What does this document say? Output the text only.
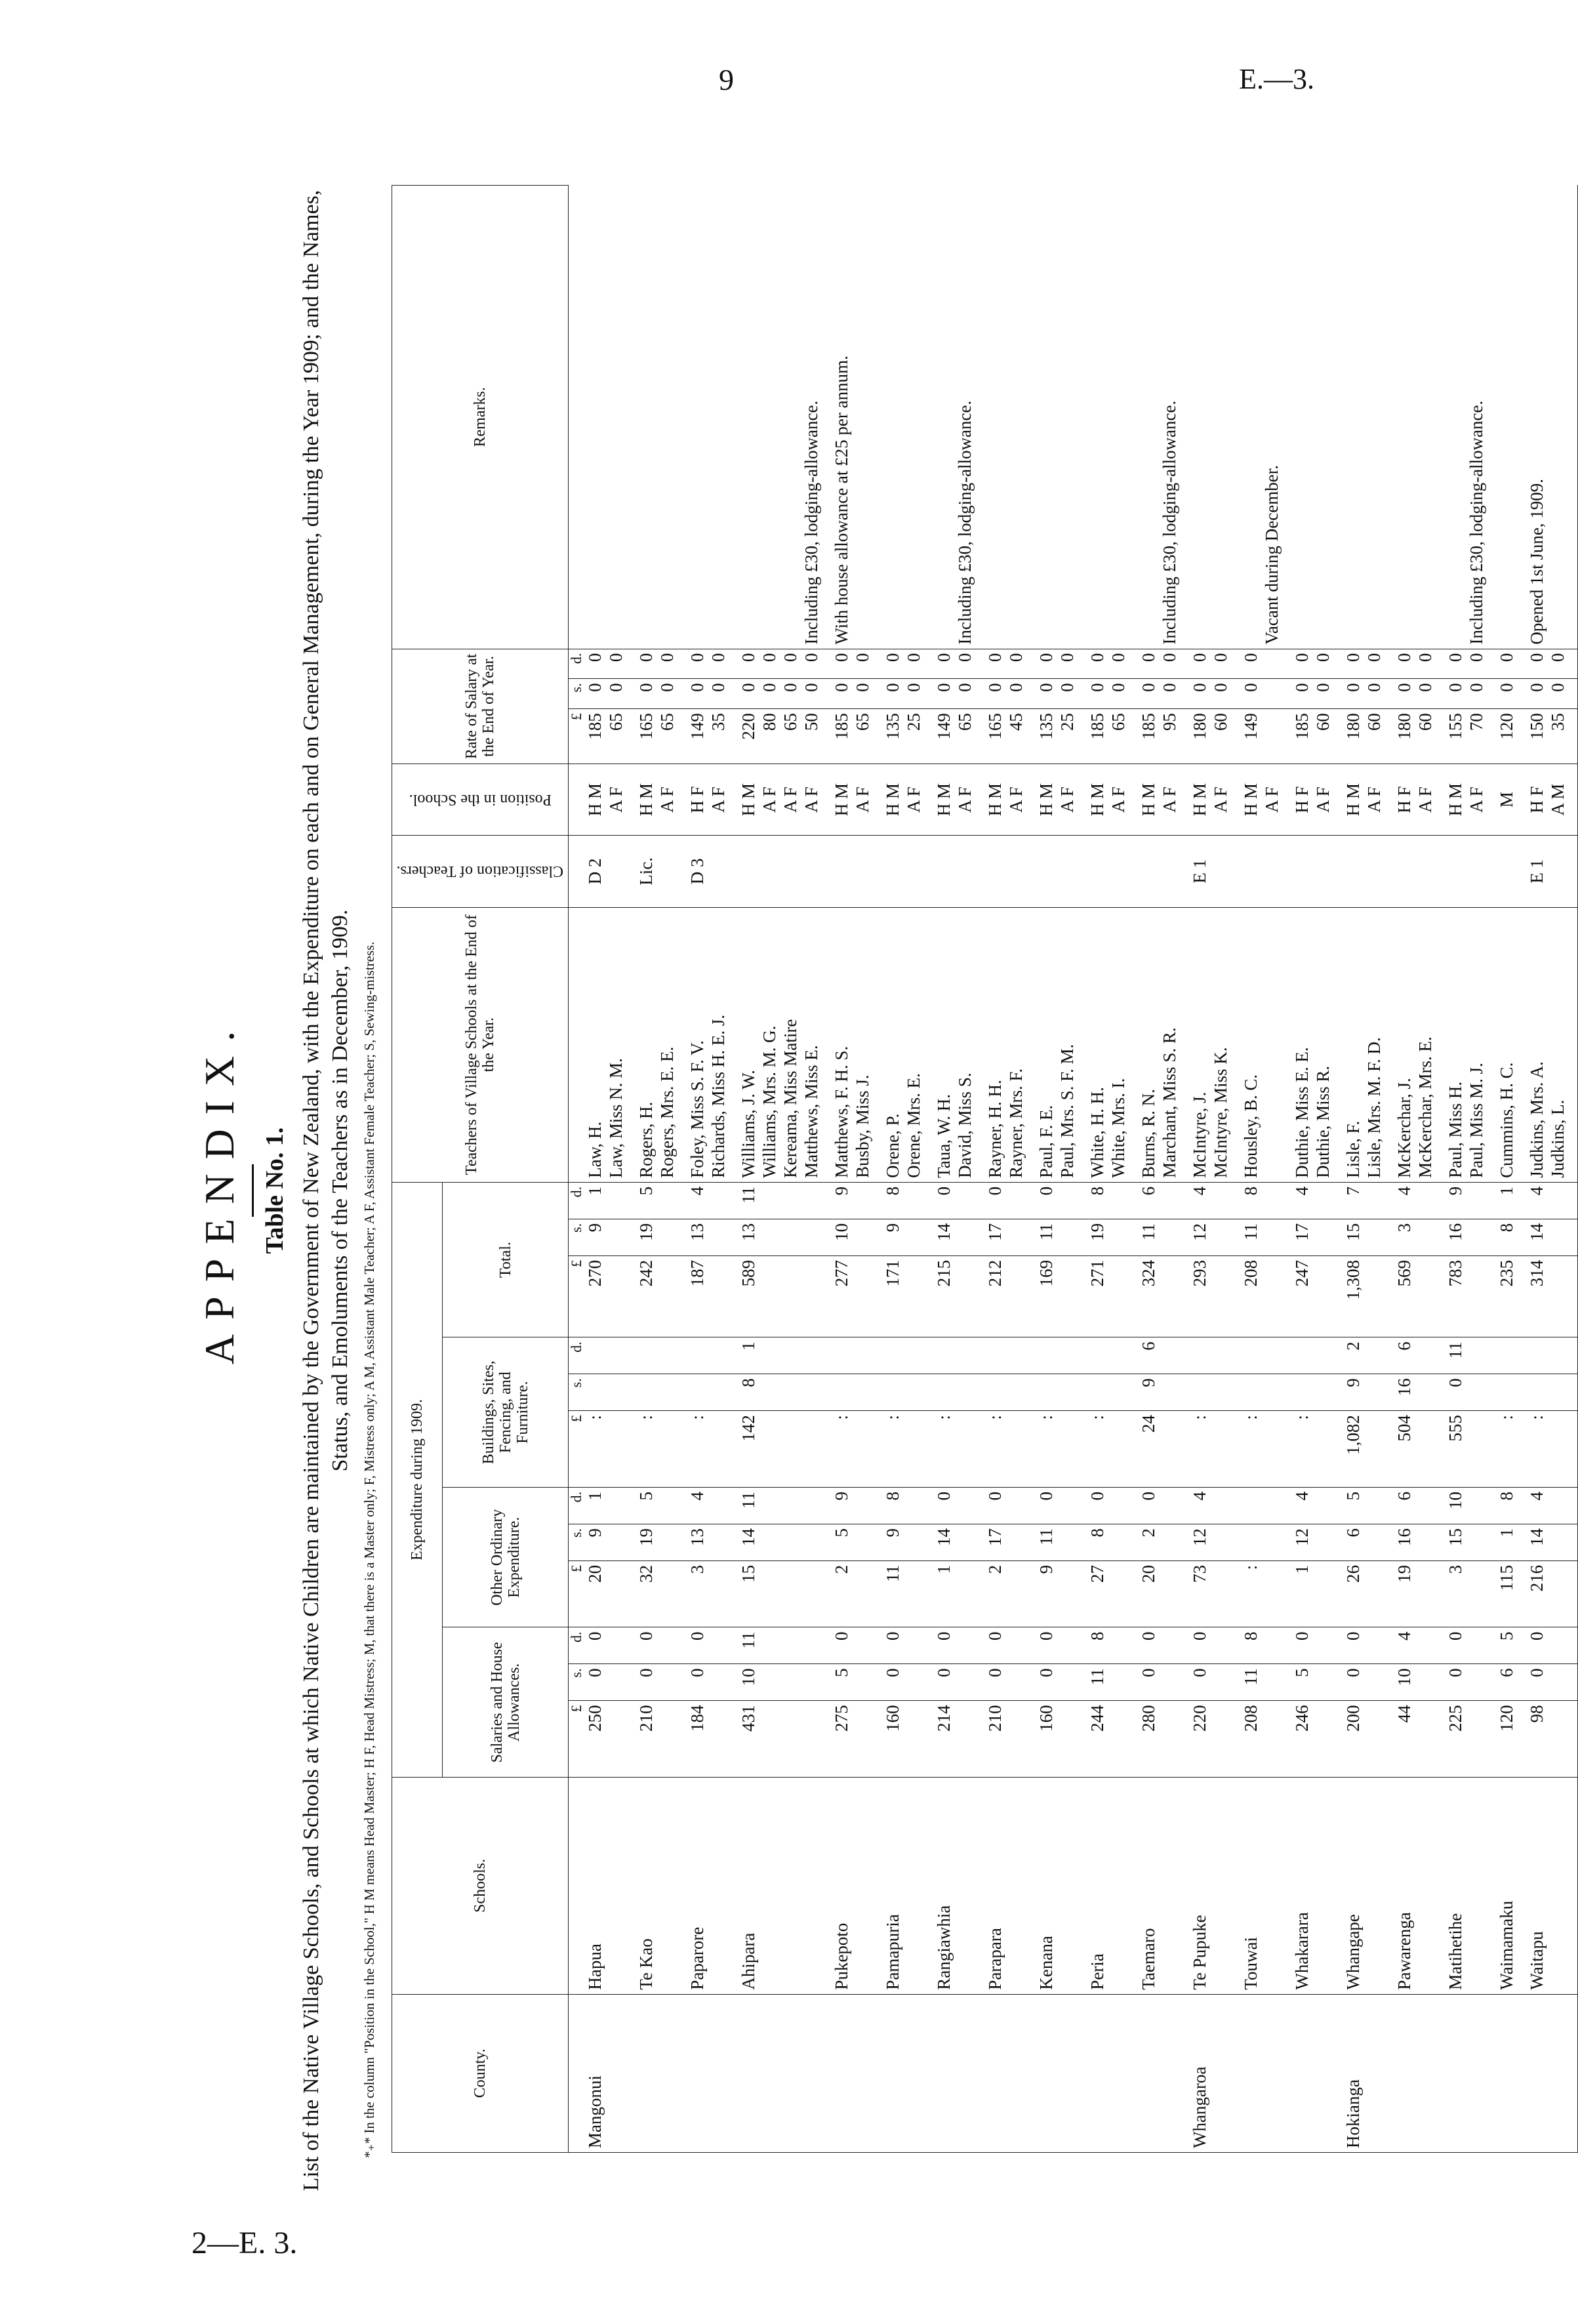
9	E.—3.
2—E. 3.
APPENDIX. Table No. 1. List of the Native Village Schools, and Schools at which Native Children are maintained by the Government of New Zealand, with the Expenditure on each and on General Management, during the Year 1909; and the Names, Status, and Emoluments of the Teachers as in December, 1909. *₊* In the column "Position in the School," H M means Head Master; H F, Head Mistress; M, that there is a Master only; F, Mistress only; A M, Assistant Male Teacher; A F, Assistant Female Teacher; S, Sewing-mistress.	County.	Schools.	Expenditure during 1909.												Teachers of Village Schools at the End of the Year.	Classification of Teachers.	Position in the School.	Rate of Salary at the End of Year.			Remarks.
		Salaries and House Allowances.			Other Ordinary Expenditure.			Buildings, Sites, Fencing, and Furniture.			Total.									
		£	s.	d.	£	s.	d.	£	s.	d.	£	s.	d.				£	s.	d.	
Mangonui	Hapua	250	0	0	20	9	1	:			270	9	1	Law, H.	D 2	H M	185	0	0	
														Law, Miss N. M.		A F	65	0	0	

	Te Kao	210	0	0	32	19	5	:			242	19	5	Rogers, H.	Lic.	H M	165	0	0	
														Rogers, Mrs. E. E.		A F	65	0	0	

	Paparore	184	0	0	3	13	4	:			187	13	4	Foley, Miss S. F. V.	D 3	H F	149	0	0	
														Richards, Miss H. E. J.		A F	35	0	0	

	Ahipara	431	10	11	15	14	11	142	8	1	589	13	11	Williams, J. W.		H M	220	0	0	
														Williams, Mrs. M. G.		A F	80	0	0	
														Kereama, Miss Matire		A F	65	0	0	
														Matthews, Miss E.		A F	50	0	0	Including £30, lodging-allowance.

	Pukepoto	275	5	0	2	5	9	:			277	10	9	Matthews, F. H. S.		H M	185	0	0	With house allowance at £25 per annum.
														Busby, Miss J.		A F	65	0	0	

	Pamapuria	160	0	0	11	9	8	:			171	9	8	Orene, P.		H M	135	0	0	
														Orene, Mrs. E.		A F	25	0	0	

	Rangiawhia	214	0	0	1	14	0	:			215	14	0	Taua, W. H.		H M	149	0	0	
														David, Miss S.		A F	65	0	0	Including £30, lodging-allowance.

	Parapara	210	0	0	2	17	0	:			212	17	0	Rayner, H. H.		H M	165	0	0	
														Rayner, Mrs. F.		A F	45	0	0	

	Kenana	160	0	0	9	11	0	:			169	11	0	Paul, F. E.		H M	135	0	0	
														Paul, Mrs. S. F. M.		A F	25	0	0	

	Peria	244	11	8	27	8	0	:			271	19	8	White, H. H.		H M	185	0	0	
														White, Mrs. I.		A F	65	0	0	

	Taemaro	280	0	0	20	2	0	24	9	6	324	11	6	Burns, R. N.		H M	185	0	0	
														Marchant, Miss S. R.		A F	95	0	0	Including £30, lodging-allowance.

Whangaroa	Te Pupuke	220	0	0	73	12	4	:			293	12	4	McIntyre, J.	E 1	H M	180	0	0	
														McIntyre, Miss K.		A F	60	0	0	

	Touwai	208	11	8	:			:			208	11	8	Housley, B. C.		H M	149	0	0	
																A F				Vacant during December.

	Whakarara	246	5	0	1	12	4	:			247	17	4	Duthie, Miss E. E.		H F	185	0	0	
														Duthie, Miss R.		A F	60	0	0	

Hokianga	Whangape	200	0	0	26	6	5	1,082	9	2	1,308	15	7	Lisle, F.		H M	180	0	0	
														Lisle, Mrs. M. F. D.		A F	60	0	0	

	Pawarenga	44	10	4	19	16	6	504	16	6	569	3	4	McKerchar, J.		H F	180	0	0	
														McKerchar, Mrs. E.		A F	60	0	0	

	Matihetihe	225	0	0	3	15	10	555	0	11	783	16	9	Paul, Miss H.		H M	155	0	0	
														Paul, Miss M. J.		A F	70	0	0	Including £30, lodging-allowance.

	Waimamaku	120	6	5	115	1	8	:			235	8	1	Cummins, H. C.		M	120	0	0	

	Waitapu	98	0	0	216	14	4	:			314	14	4	Judkins, Mrs. A.	E 1	H F	150	0	0	Opened 1st June, 1909.
														Judkins, L.		A M	35	0	0	
